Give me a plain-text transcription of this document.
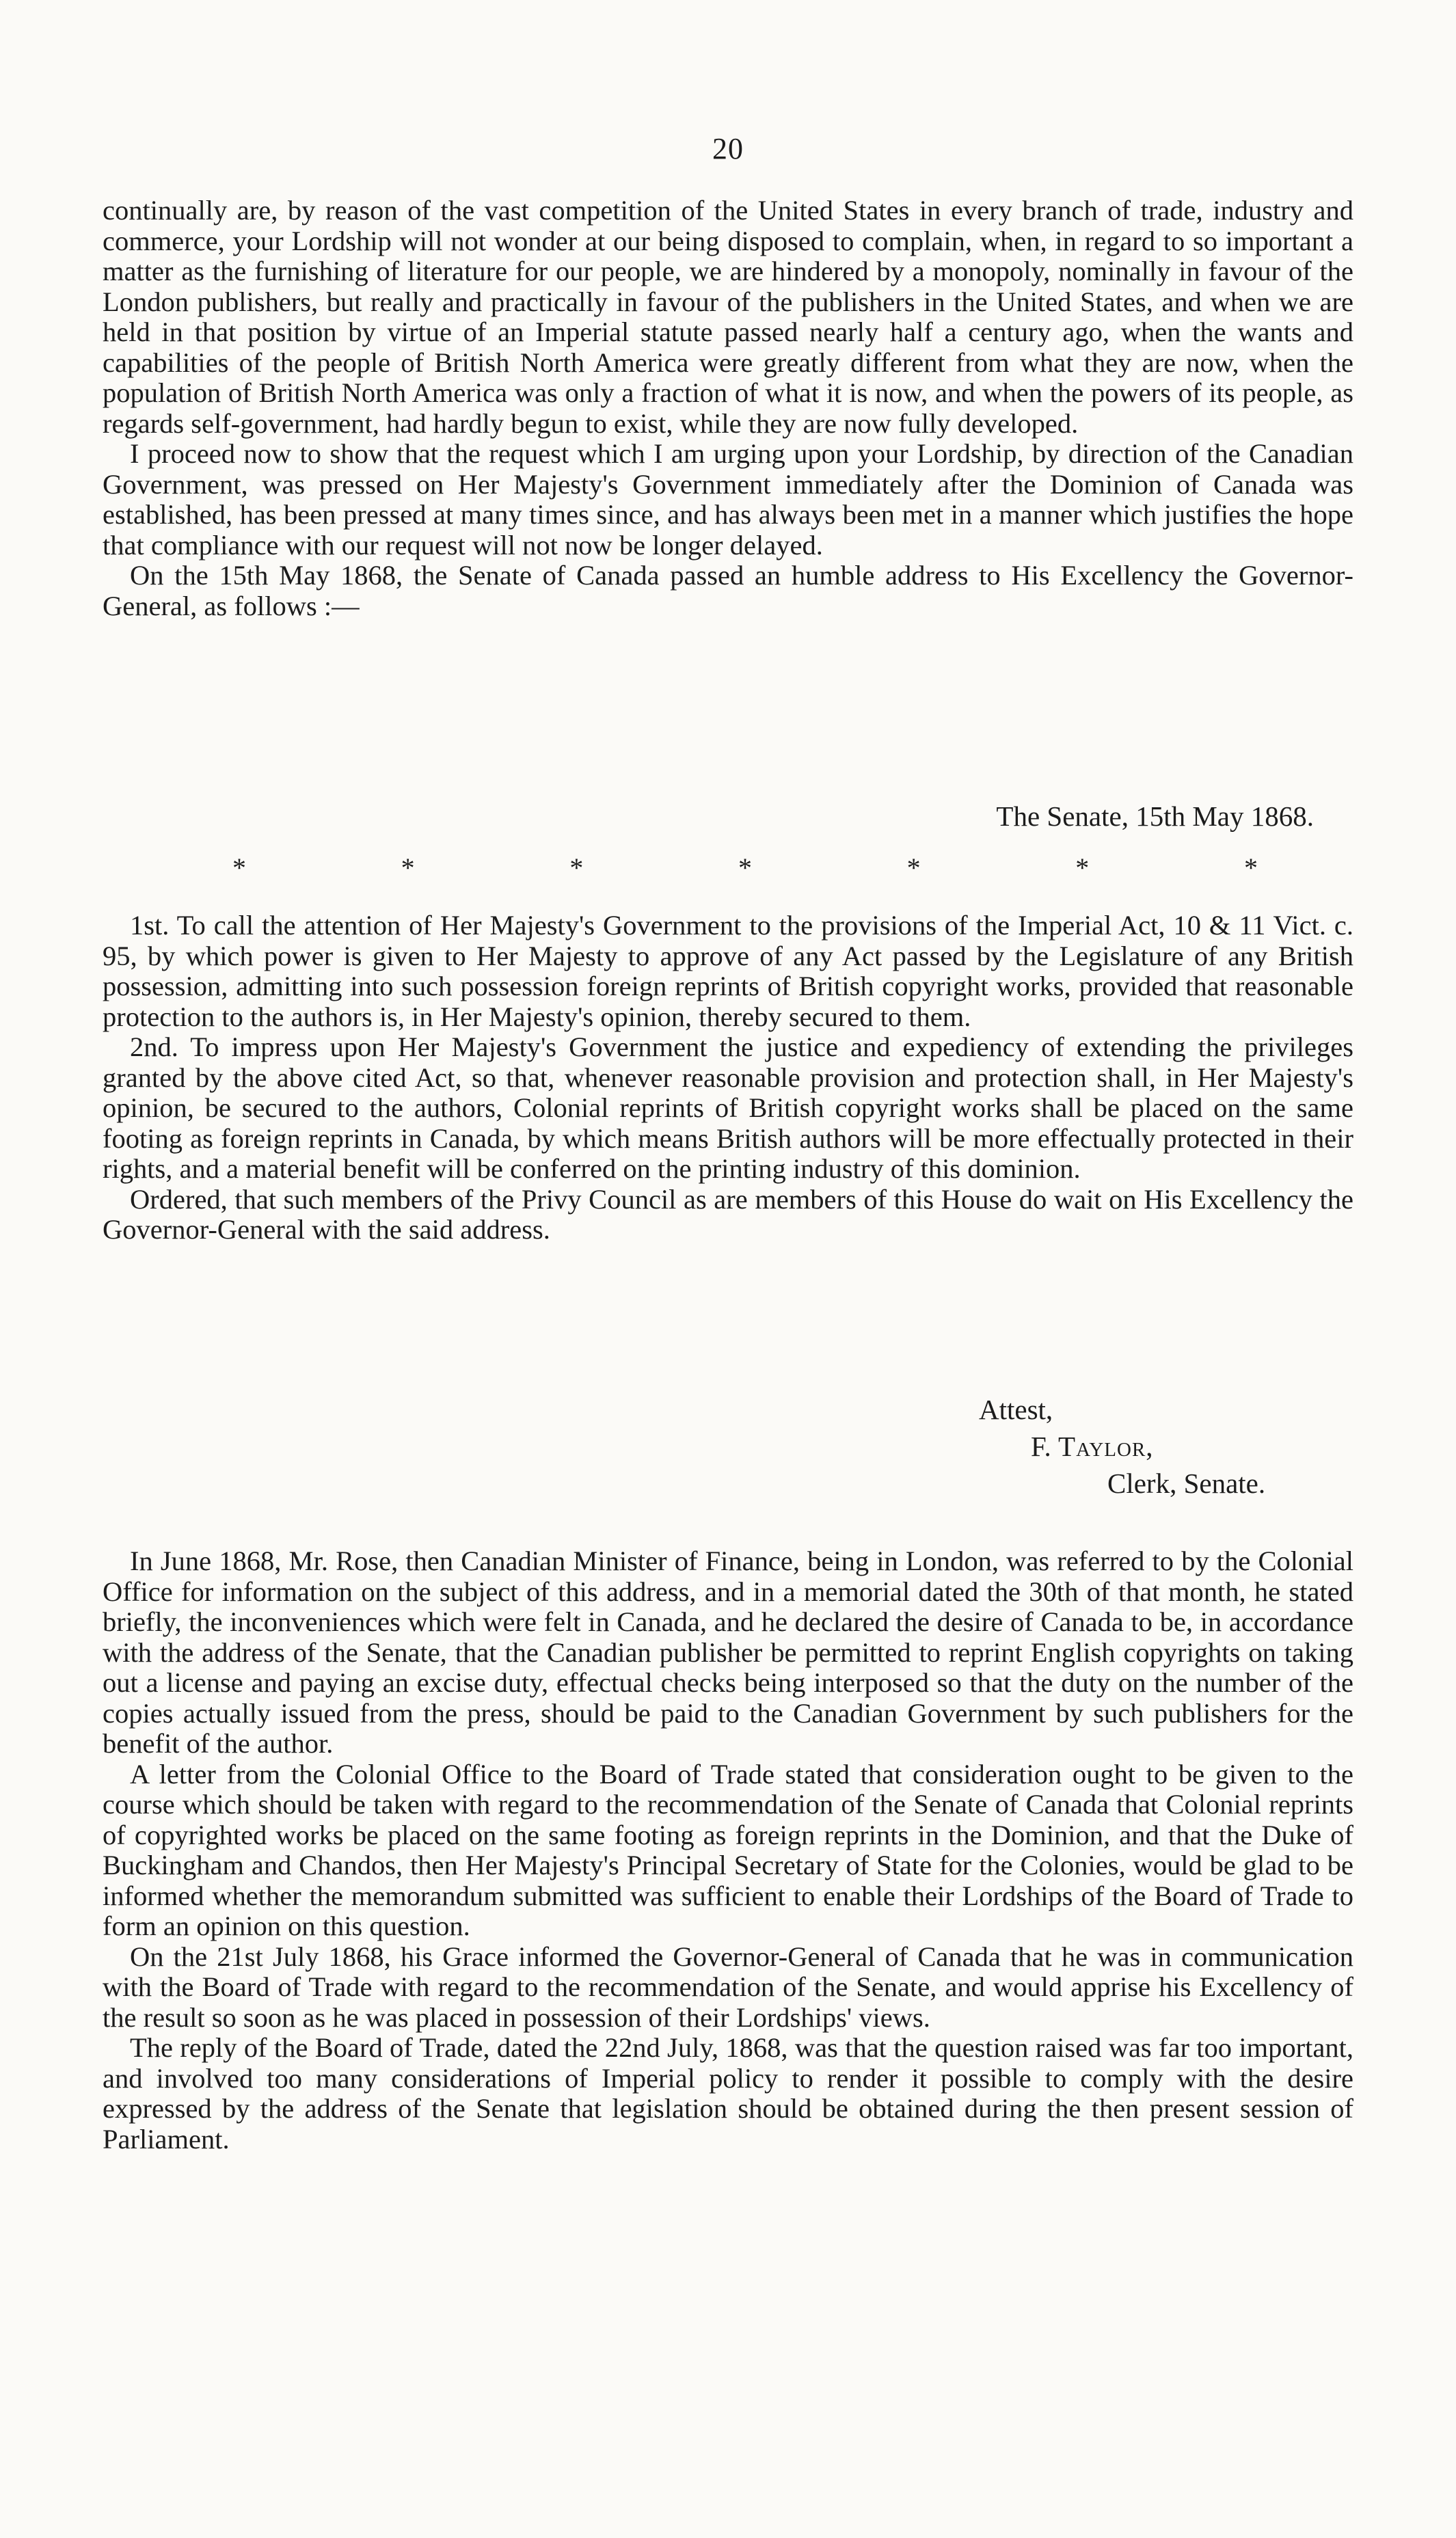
20

continually are, by reason of the vast competition of the United States in every branch of trade, industry and commerce, your Lordship will not wonder at our being disposed to complain, when, in regard to so important a matter as the furnishing of literature for our people, we are hindered by a monopoly, nominally in favour of the London publishers, but really and practically in favour of the publishers in the United States, and when we are held in that position by virtue of an Imperial statute passed nearly half a century ago, when the wants and capabilities of the people of British North America were greatly different from what they are now, when the population of British North America was only a fraction of what it is now, and when the powers of its people, as regards self-government, had hardly begun to exist, while they are now fully developed.

I proceed now to show that the request which I am urging upon your Lordship, by direction of the Canadian Government, was pressed on Her Majesty's Government immediately after the Dominion of Canada was established, has been pressed at many times since, and has always been met in a manner which justifies the hope that compliance with our request will not now be longer delayed.

On the 15th May 1868, the Senate of Canada passed an humble address to His Excellency the Governor-General, as follows :—

The Senate, 15th May 1868.
*	*	*	*	*	*	*

1st. To call the attention of Her Majesty's Government to the provisions of the Imperial Act, 10 & 11 Vict. c. 95, by which power is given to Her Majesty to approve of any Act passed by the Legislature of any British possession, admitting into such possession foreign reprints of British copyright works, provided that reasonable protection to the authors is, in Her Majesty's opinion, thereby secured to them.

2nd. To impress upon Her Majesty's Government the justice and expediency of extending the privileges granted by the above cited Act, so that, whenever reasonable provision and protection shall, in Her Majesty's opinion, be secured to the authors, Colonial reprints of British copyright works shall be placed on the same footing as foreign reprints in Canada, by which means British authors will be more effectually protected in their rights, and a material benefit will be conferred on the printing industry of this dominion.

Ordered, that such members of the Privy Council as are members of this House do wait on His Excellency the Governor-General with the said address.

Attest,
F. Taylor,
Clerk, Senate.

In June 1868, Mr. Rose, then Canadian Minister of Finance, being in London, was referred to by the Colonial Office for information on the subject of this address, and in a memorial dated the 30th of that month, he stated briefly, the inconveniences which were felt in Canada, and he declared the desire of Canada to be, in accordance with the address of the Senate, that the Canadian publisher be permitted to reprint English copyrights on taking out a license and paying an excise duty, effectual checks being interposed so that the duty on the number of the copies actually issued from the press, should be paid to the Canadian Government by such publishers for the benefit of the author.

A letter from the Colonial Office to the Board of Trade stated that consideration ought to be given to the course which should be taken with regard to the recommendation of the Senate of Canada that Colonial reprints of copyrighted works be placed on the same footing as foreign reprints in the Dominion, and that the Duke of Buckingham and Chandos, then Her Majesty's Principal Secretary of State for the Colonies, would be glad to be informed whether the memorandum submitted was sufficient to enable their Lordships of the Board of Trade to form an opinion on this question.

On the 21st July 1868, his Grace informed the Governor-General of Canada that he was in communication with the Board of Trade with regard to the recommendation of the Senate, and would apprise his Excellency of the result so soon as he was placed in possession of their Lordships' views.

The reply of the Board of Trade, dated the 22nd July, 1868, was that the question raised was far too important, and involved too many considerations of Imperial policy to render it possible to comply with the desire expressed by the address of the Senate that legislation should be obtained during the then present session of Parliament.
